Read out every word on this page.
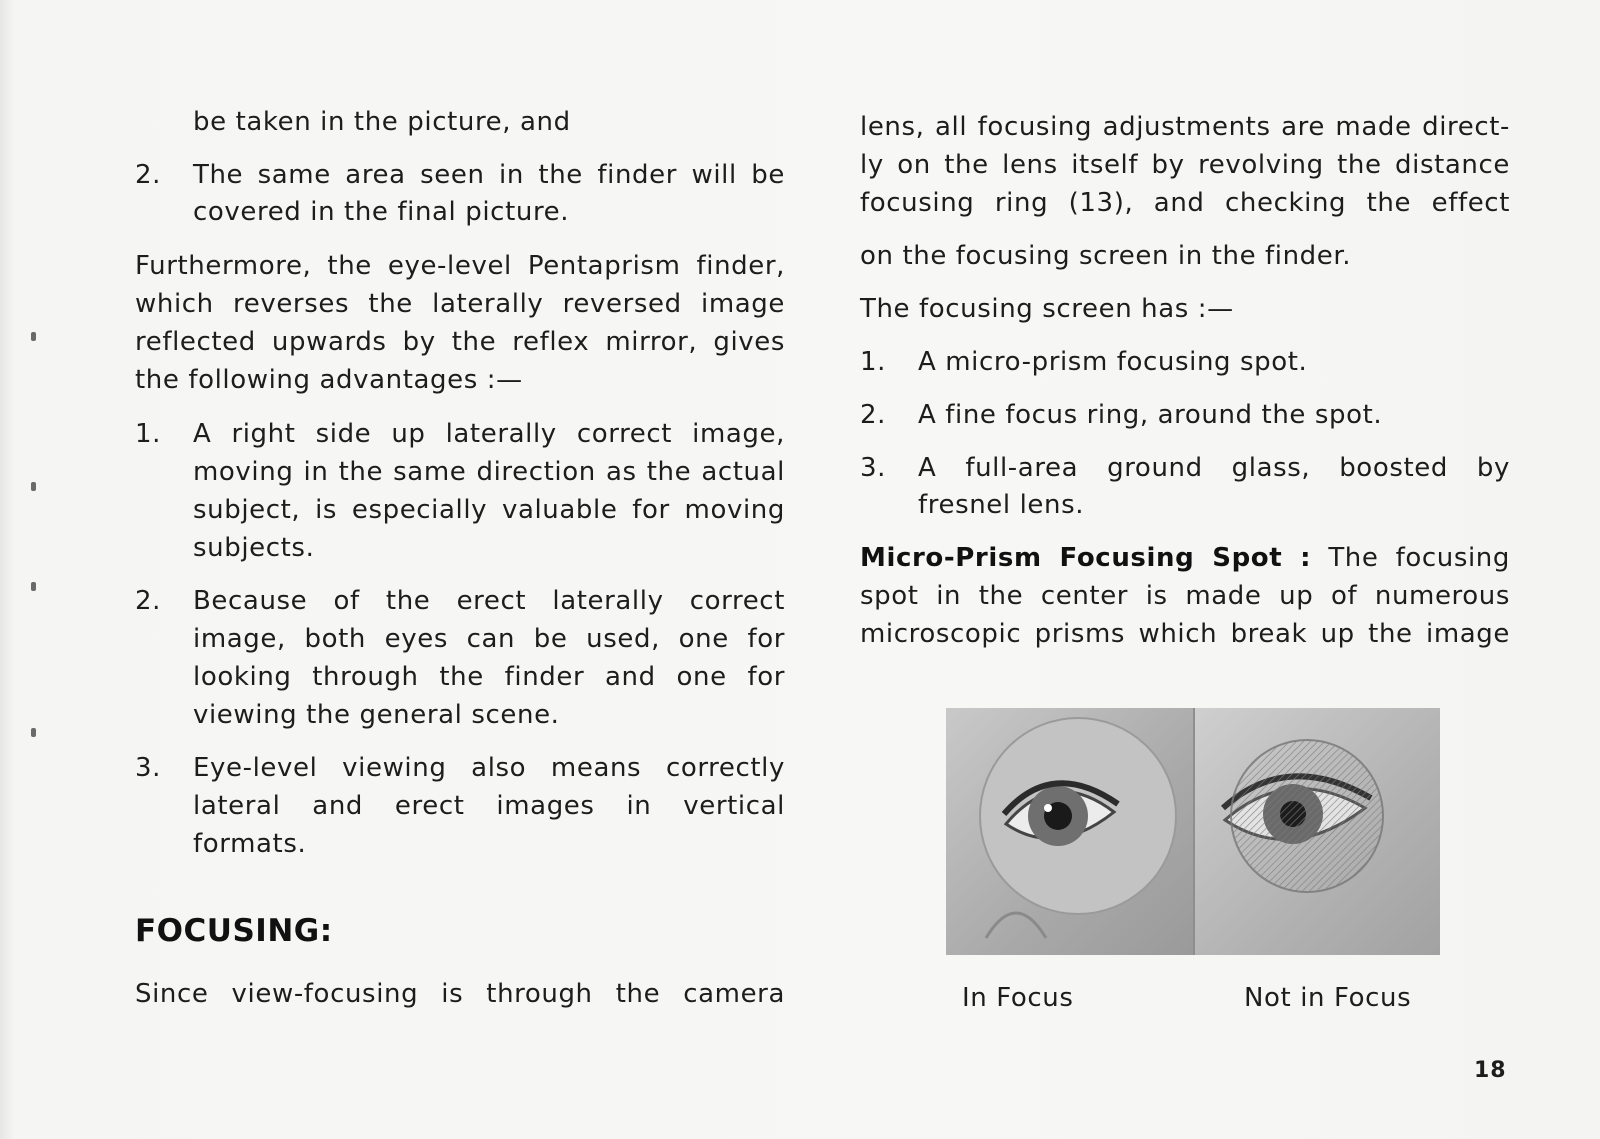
be taken in the picture, and
2.	The same area seen in the finder will be
covered in the final picture.
Furthermore, the eye-level Pentaprism finder,
which reverses the laterally reversed image
reflected upwards by the reflex mirror, gives
the following advantages :—
1.	A right side up laterally correct image,
moving in the same direction as the actual
subject, is especially valuable for moving
subjects.
2.	Because of the erect laterally correct
image, both eyes can be used, one for
looking through the finder and one for
viewing the general scene.
3.	Eye-level viewing also means correctly
lateral and erect images in vertical
formats.
FOCUSING:
Since view-focusing is through the camera
lens, all focusing adjustments are made direct-
ly on the lens itself by revolving the distance
focusing ring (13), and checking the effect
on the focusing screen in the finder.
The focusing screen has :—
1.	A micro-prism focusing spot.
2.	A fine focus ring, around the spot.
3.	A full-area ground glass, boosted by
fresnel lens.
Micro-Prism Focusing Spot : The focusing
spot in the center is made up of numerous
microscopic prisms which break up the image
In Focus	Not in Focus
18
